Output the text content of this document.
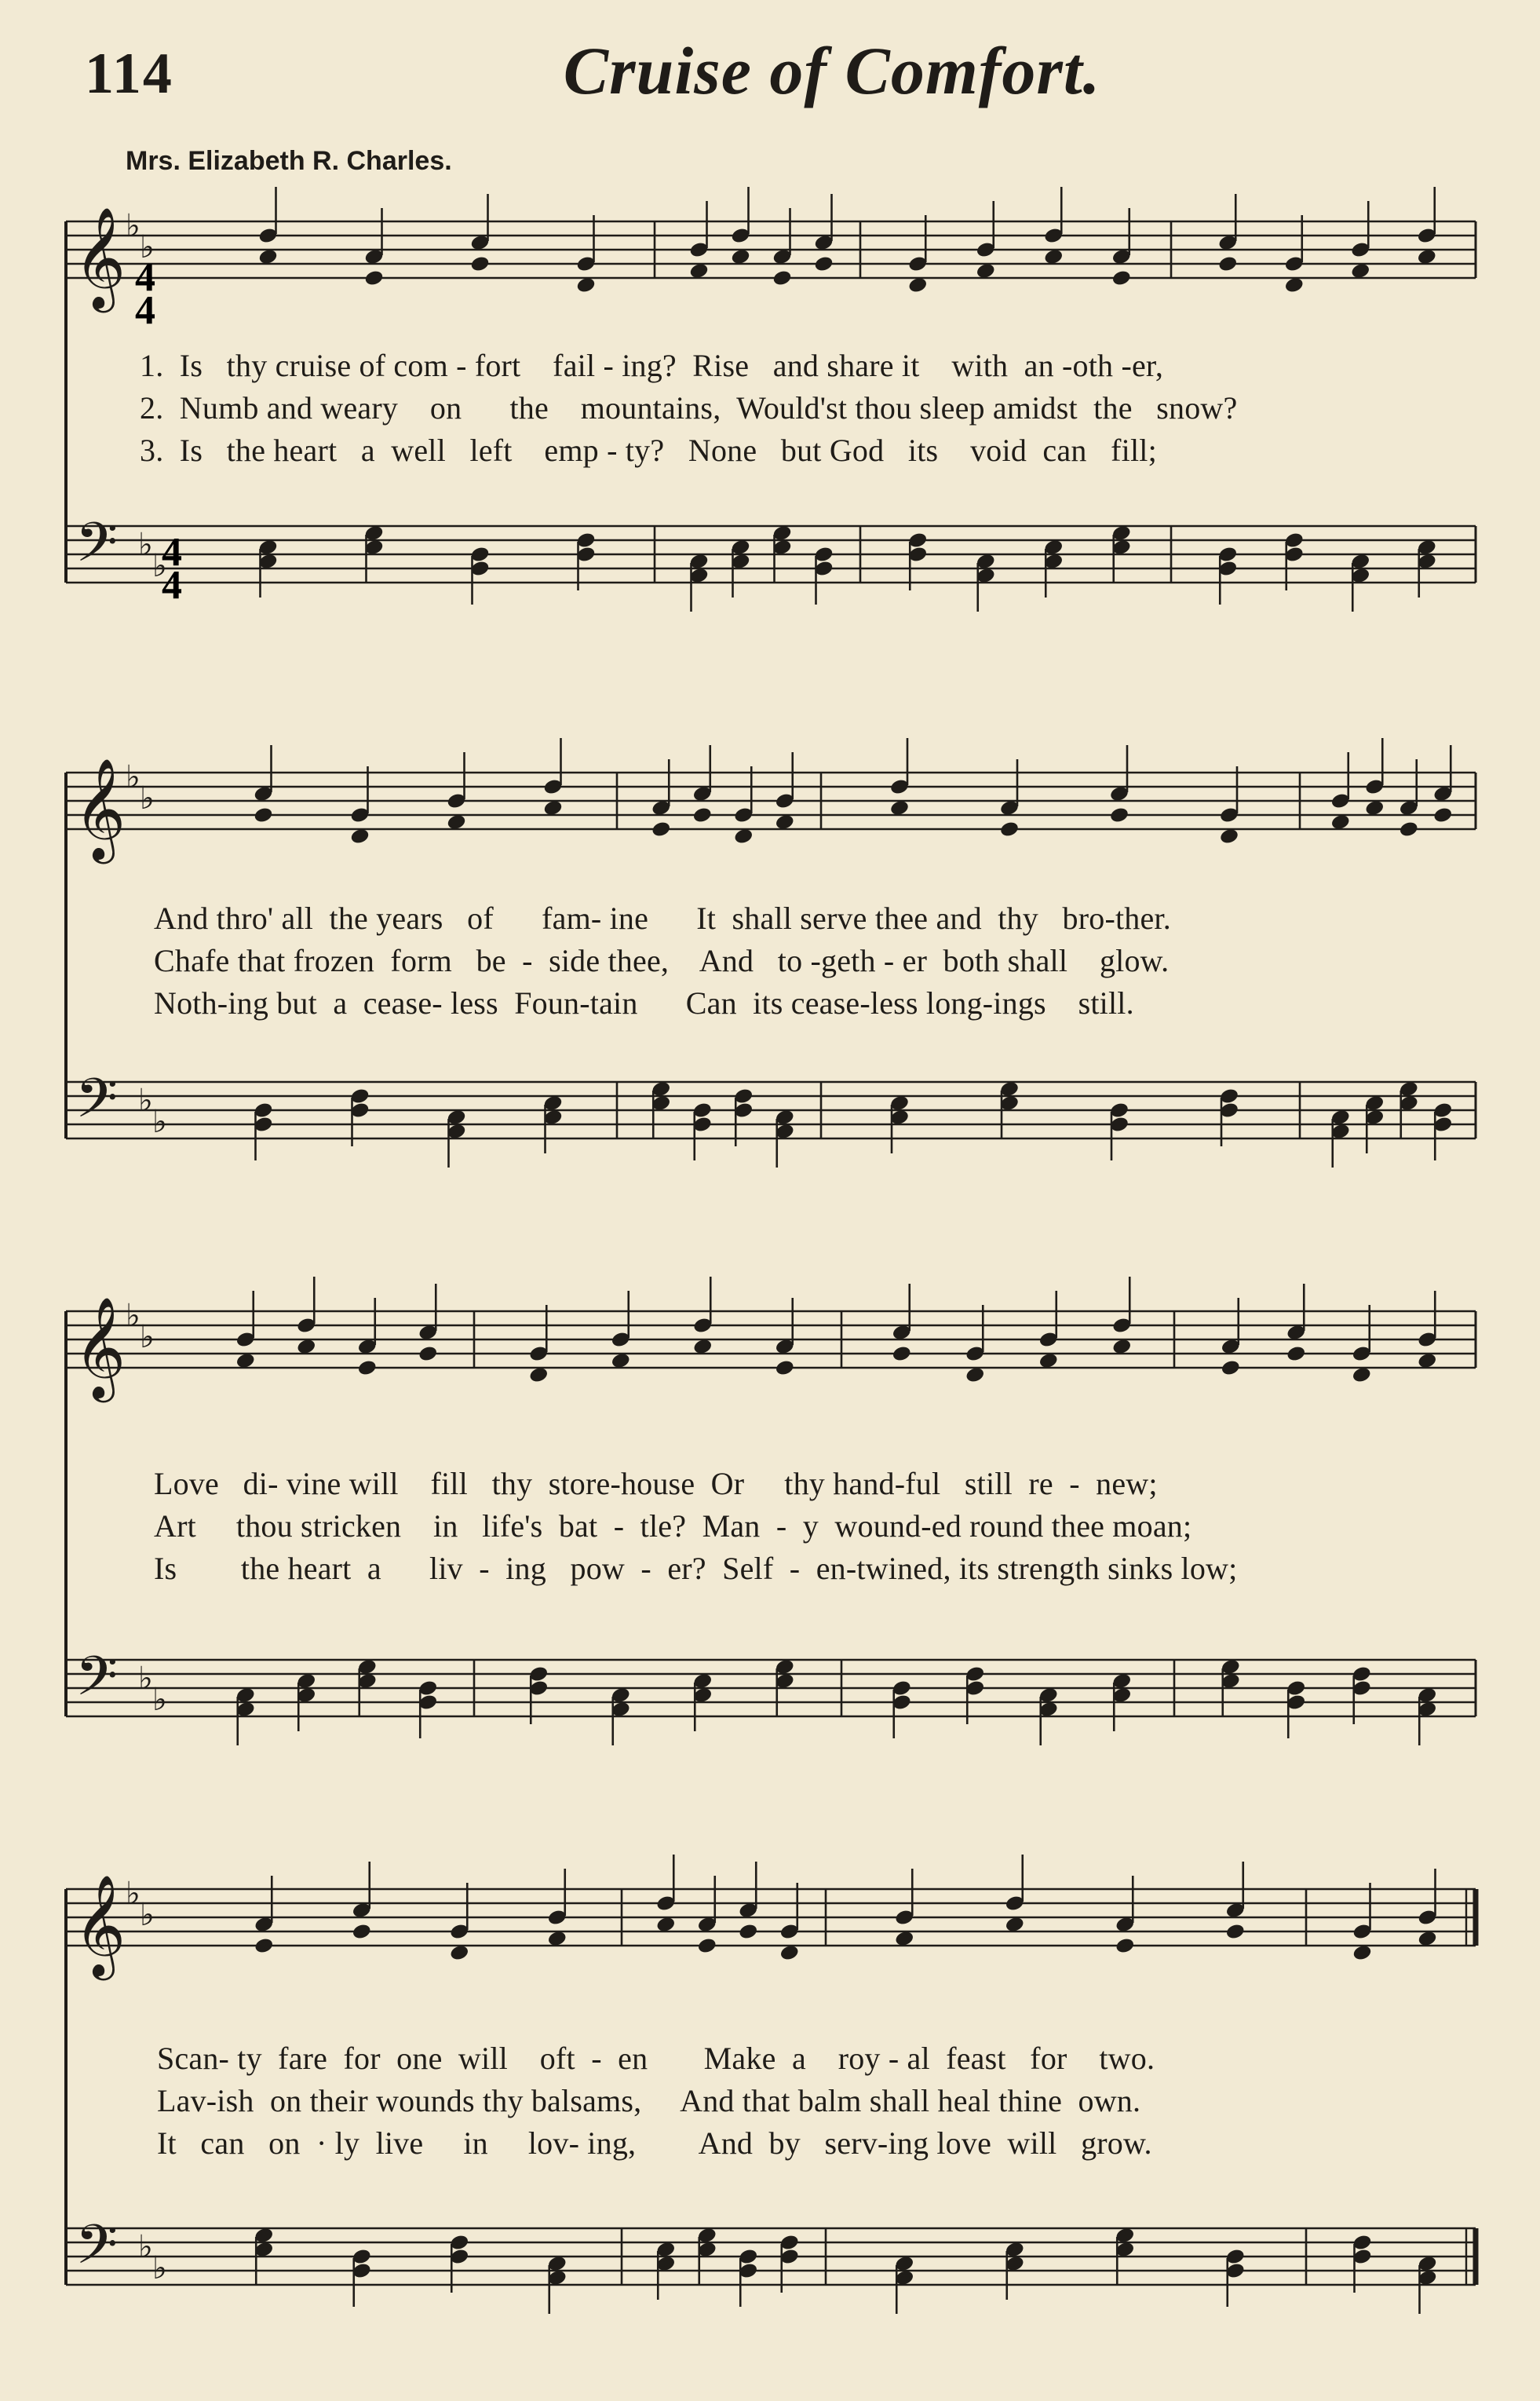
114	Cruise of Comfort.
Mrs. Elizabeth R. Charles.
𝄞 ♭
♭
𝄢 ♭
♭
𝄞 ♭
♭
𝄢 ♭
♭
𝄞 ♭
♭
𝄢 ♭
♭
𝄞 ♭
♭
𝄢 ♭
♭
4
4
4
4
1.  Is   thy cruise of com - fort    fail - ing?  Rise   and share it    with  an -oth -er,
2.  Numb and weary    on      the    mountains,  Would'st thou sleep amidst  the   snow?
3.  Is   the heart   a  well   left    emp - ty?   None   but God   its    void  can   fill;
And thro' all  the years   of      fam- ine      It  shall serve thee and  thy   bro-ther.
Chafe that frozen  form   be  -  side thee,    And   to -geth - er  both shall    glow.
Noth-ing but  a  cease- less  Foun-tain      Can  its cease-less long-ings    still.
Love   di- vine will    fill   thy  store-house  Or     thy hand-ful   still  re  -  new;
Art     thou stricken    in   life's  bat  -  tle?  Man  -  y  wound-ed round thee moan;
Is        the heart  a      liv  -  ing   pow  -  er?  Self  -  en-twined, its strength sinks low;
Scan- ty  fare  for  one  will    oft  -  en       Make  a    roy - al  feast   for    two.
Lav-ish  on their wounds thy balsams,     And that balm shall heal thine  own.
It   can   on  · ly  live     in     lov- ing,        And  by   serv-ing love  will   grow.
